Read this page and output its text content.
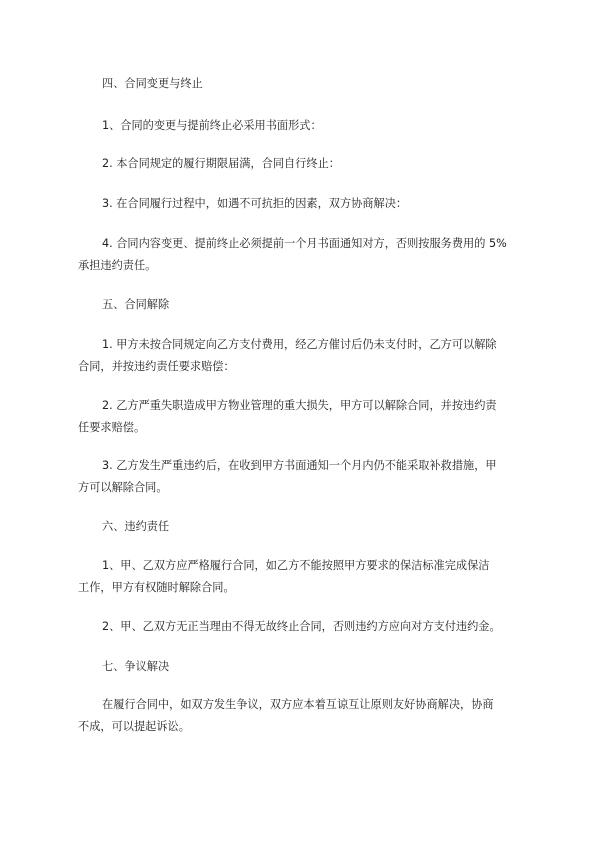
四、合同变更与终止
1、合同的变更与提前终止必采用书面形式：
2. 本合同规定的履行期限届满，合同自行终止：
3. 在合同履行过程中，如遇不可抗拒的因素，双方协商解决：
4. 合同内容变更、提前终止必须提前一个月书面通知对方，否则按服务费用的 5%
承担违约责任。
五、合同解除
1. 甲方未按合同规定向乙方支付费用，经乙方催讨后仍未支付时，乙方可以解除
合同，并按违约责任要求赔偿：
2. 乙方严重失职造成甲方物业管理的重大损失，甲方可以解除合同，并按违约责
任要求赔偿。
3. 乙方发生严重违约后，在收到甲方书面通知一个月内仍不能采取补救措施，甲
方可以解除合同。
六、违约责任
1、甲、乙双方应严格履行合同，如乙方不能按照甲方要求的保洁标准完成保洁
工作，甲方有权随时解除合同。
2、甲、乙双方无正当理由不得无故终止合同，否则违约方应向对方支付违约金。
七、争议解决
在履行合同中，如双方发生争议，双方应本着互谅互让原则友好协商解决，协商
不成，可以提起诉讼。
